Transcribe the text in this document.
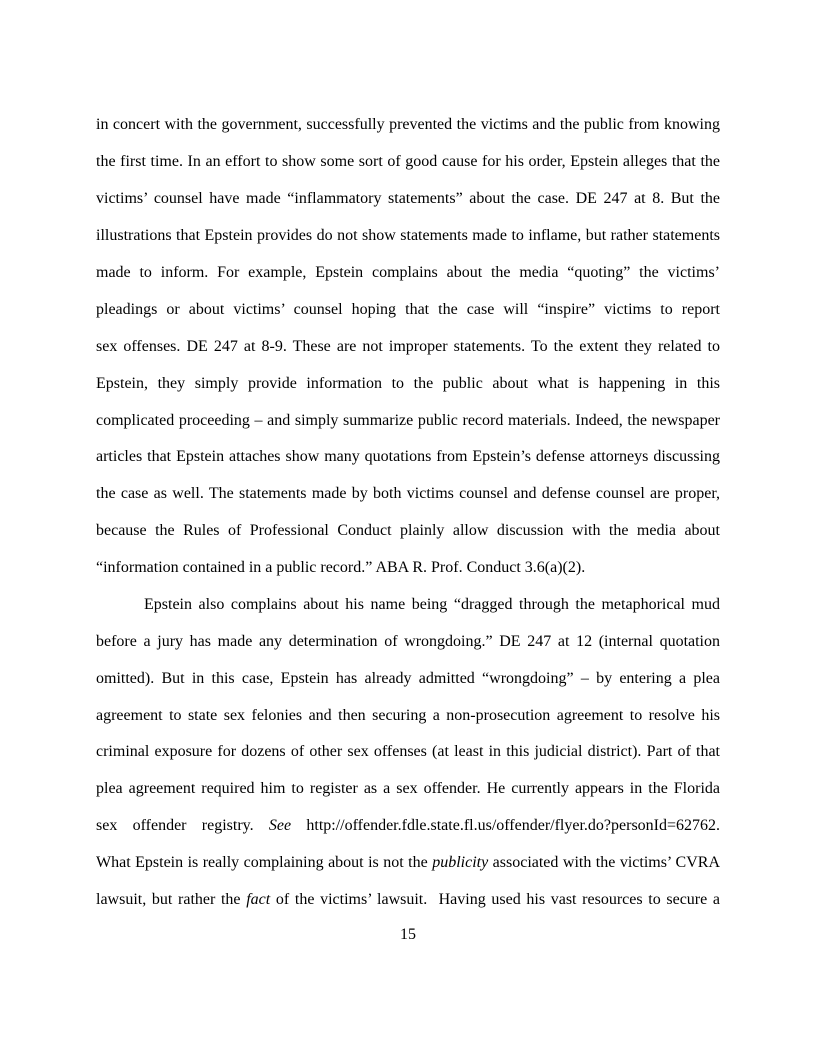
in concert with the government, successfully prevented the victims and the public from knowing
the first time. In an effort to show some sort of good cause for his order, Epstein alleges that the
victims’ counsel have made “inflammatory statements” about the case. DE 247 at 8. But the
illustrations that Epstein provides do not show statements made to inflame, but rather statements
made to inform. For example, Epstein complains about the media “quoting” the victims’
pleadings or about victims’ counsel hoping that the case will “inspire” victims to report
sex offenses. DE 247 at 8-9. These are not improper statements. To the extent they related to
Epstein, they simply provide information to the public about what is happening in this
complicated proceeding – and simply summarize public record materials. Indeed, the newspaper
articles that Epstein attaches show many quotations from Epstein’s defense attorneys discussing
the case as well. The statements made by both victims counsel and defense counsel are proper,
because the Rules of Professional Conduct plainly allow discussion with the media about
“information contained in a public record.” ABA R. Prof. Conduct 3.6(a)(2).
Epstein also complains about his name being “dragged through the metaphorical mud
before a jury has made any determination of wrongdoing.” DE 247 at 12 (internal quotation
omitted). But in this case, Epstein has already admitted “wrongdoing” – by entering a plea
agreement to state sex felonies and then securing a non-prosecution agreement to resolve his
criminal exposure for dozens of other sex offenses (at least in this judicial district). Part of that
plea agreement required him to register as a sex offender. He currently appears in the Florida
sex offender registry. See http://offender.fdle.state.fl.us/offender/flyer.do?personId=62762.
What Epstein is really complaining about is not the publicity associated with the victims’ CVRA
lawsuit, but rather the fact of the victims’ lawsuit.  Having used his vast resources to secure a
15
